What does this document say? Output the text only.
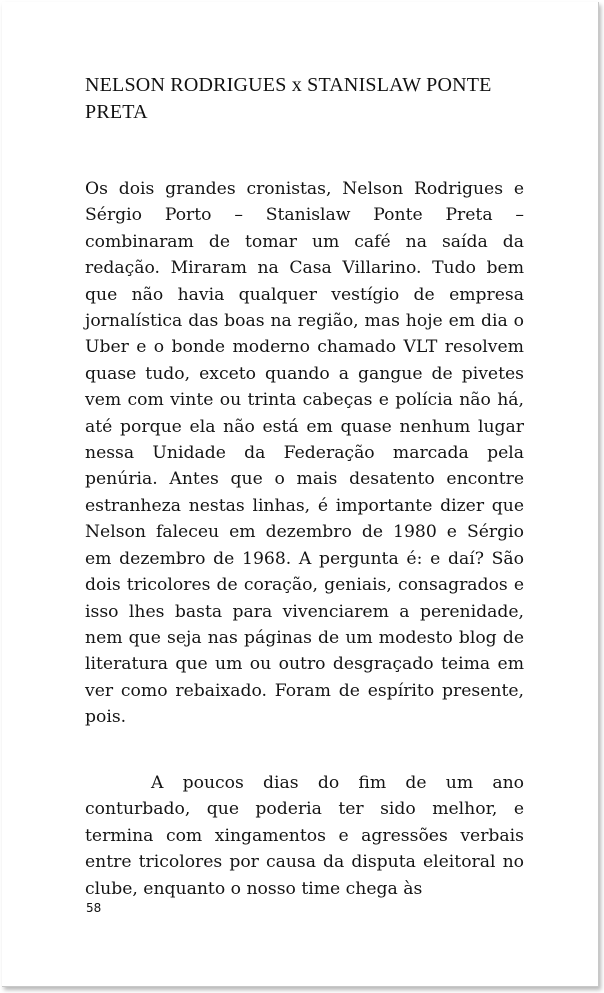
NELSON RODRIGUES x STANISLAW PONTE PRETA

Os dois grandes cronistas, Nelson Rodrigues e Sérgio Porto – Stanislaw Ponte Preta – combinaram de tomar um café na saída da redação. Miraram na Casa Villarino. Tudo bem que não havia qualquer vestígio de empresa jornalística das boas na região, mas hoje em dia o Uber e o bonde moderno chamado VLT resolvem quase tudo, exceto quando a gangue de pivetes vem com vinte ou trinta cabeças e polícia não há, até porque ela não está em quase nenhum lugar nessa Unidade da Federação marcada pela penúria. Antes que o mais desatento encontre estranheza nestas linhas, é importante dizer que Nelson faleceu em dezembro de 1980 e Sérgio em dezembro de 1968. A pergunta é: e daí? São dois tricolores de coração, geniais, consagrados e isso lhes basta para vivenciarem a perenidade, nem que seja nas páginas de um modesto blog de literatura que um ou outro desgraçado teima em ver como rebaixado. Foram de espírito presente, pois.

A poucos dias do fim de um ano conturbado, que poderia ter sido melhor, e termina com xingamentos e agressões verbais entre tricolores por causa da disputa eleitoral no clube, enquanto o nosso time chega às

58
